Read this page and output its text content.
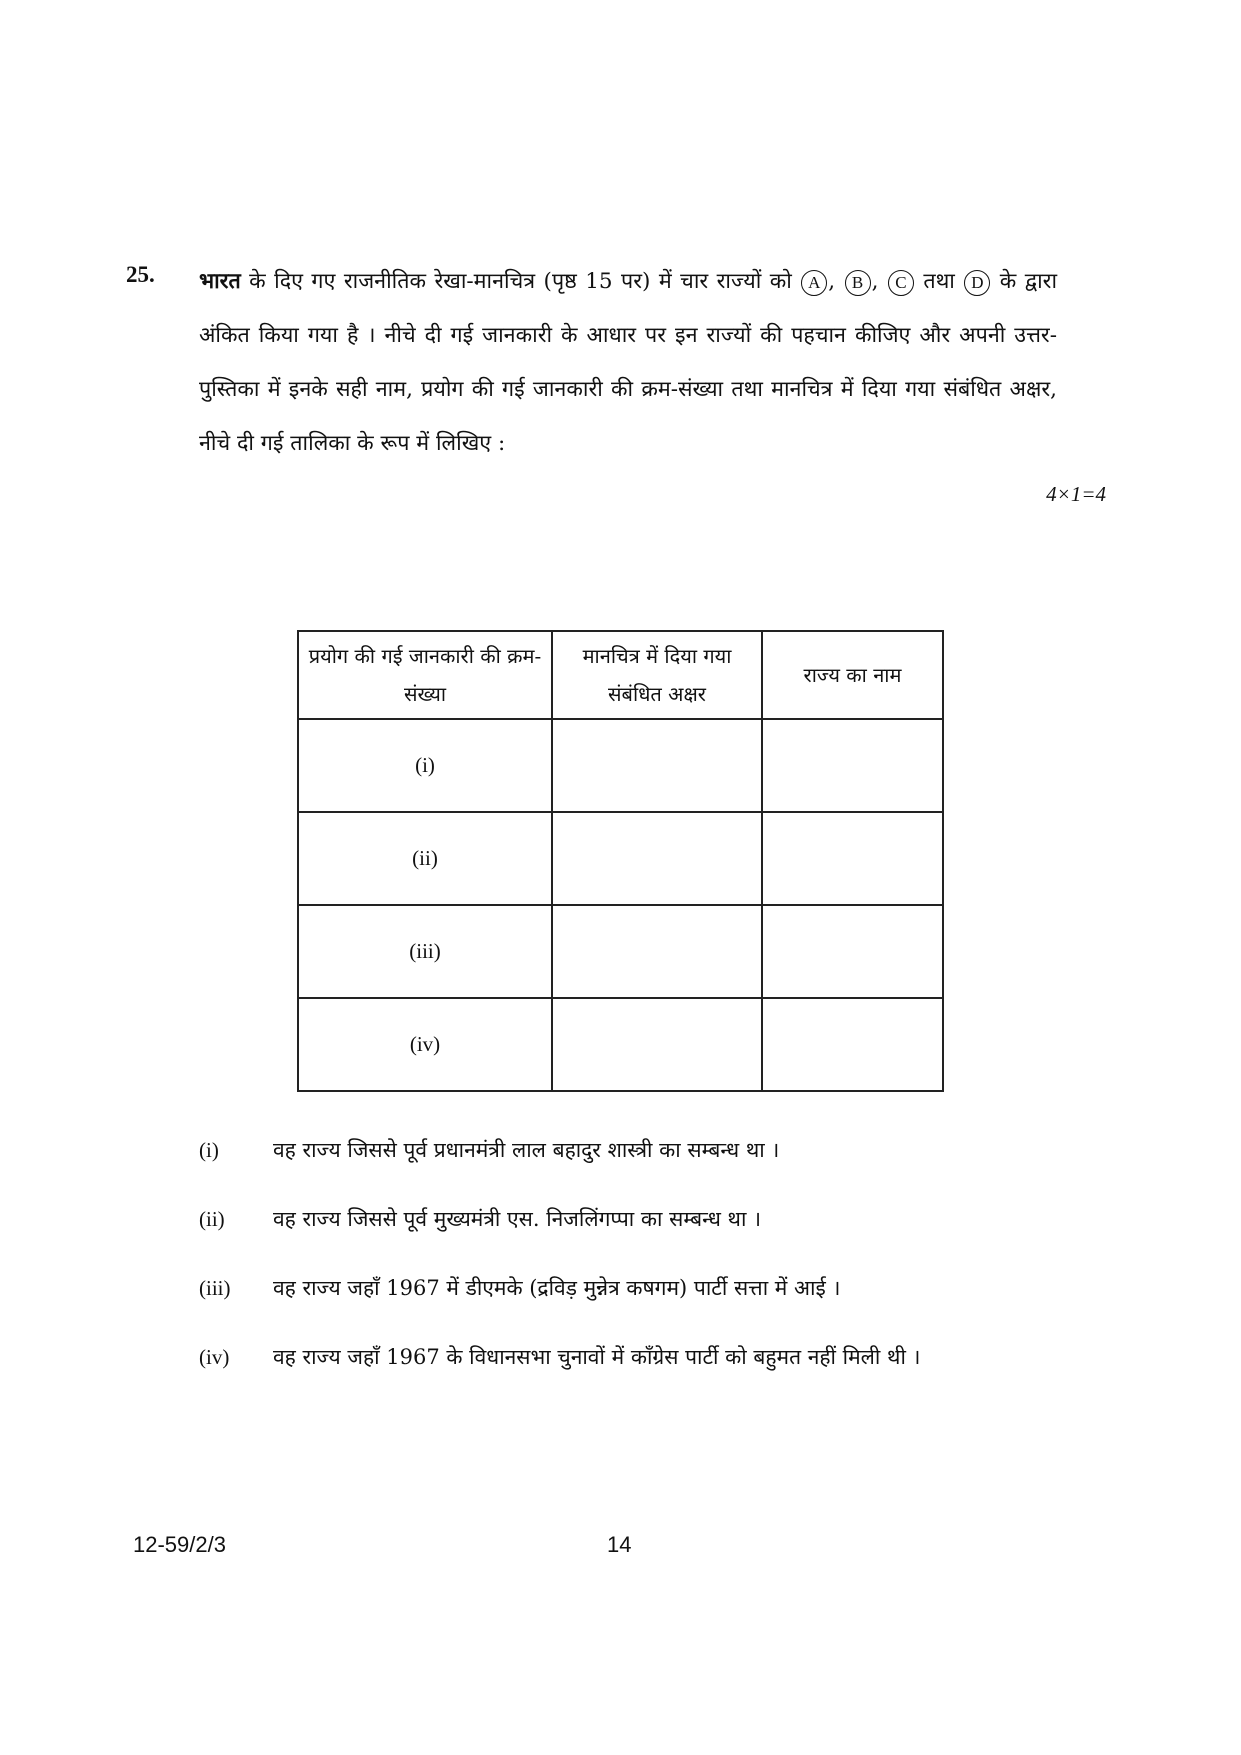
25. भारत के दिए गए राजनीतिक रेखा-मानचित्र (पृष्ठ 15 पर) में चार राज्यों को A , B , C तथा D के द्वारा अंकित किया गया है । नीचे दी गई जानकारी के आधार पर इन राज्यों की पहचान कीजिए और अपनी उत्तर-पुस्तिका में इनके सही नाम, प्रयोग की गई जानकारी की क्रम-संख्या तथा मानचित्र में दिया गया संबंधित अक्षर, नीचे दी गई तालिका के रूप में लिखिए :
4×1=4
प्रयोग की गई जानकारी की क्रम-संख्या	मानचित्र में दिया गया संबंधित अक्षर	राज्य का नाम
(i)		
(ii)		
(iii)		
(iv)		
(i)	वह राज्य जिससे पूर्व प्रधानमंत्री लाल बहादुर शास्त्री का सम्बन्ध था ।
(ii) वह राज्य जिससे पूर्व मुख्यमंत्री एस. निजलिंगप्पा का सम्बन्ध था ।
(iii) वह राज्य जहाँ 1967 में डीएमके (द्रविड़ मुन्नेत्र कषगम) पार्टी सत्ता में आई ।
(iv) वह राज्य जहाँ 1967 के विधानसभा चुनावों में काँग्रेस पार्टी को बहुमत नहीं मिली थी ।
12-59/2/3	14
